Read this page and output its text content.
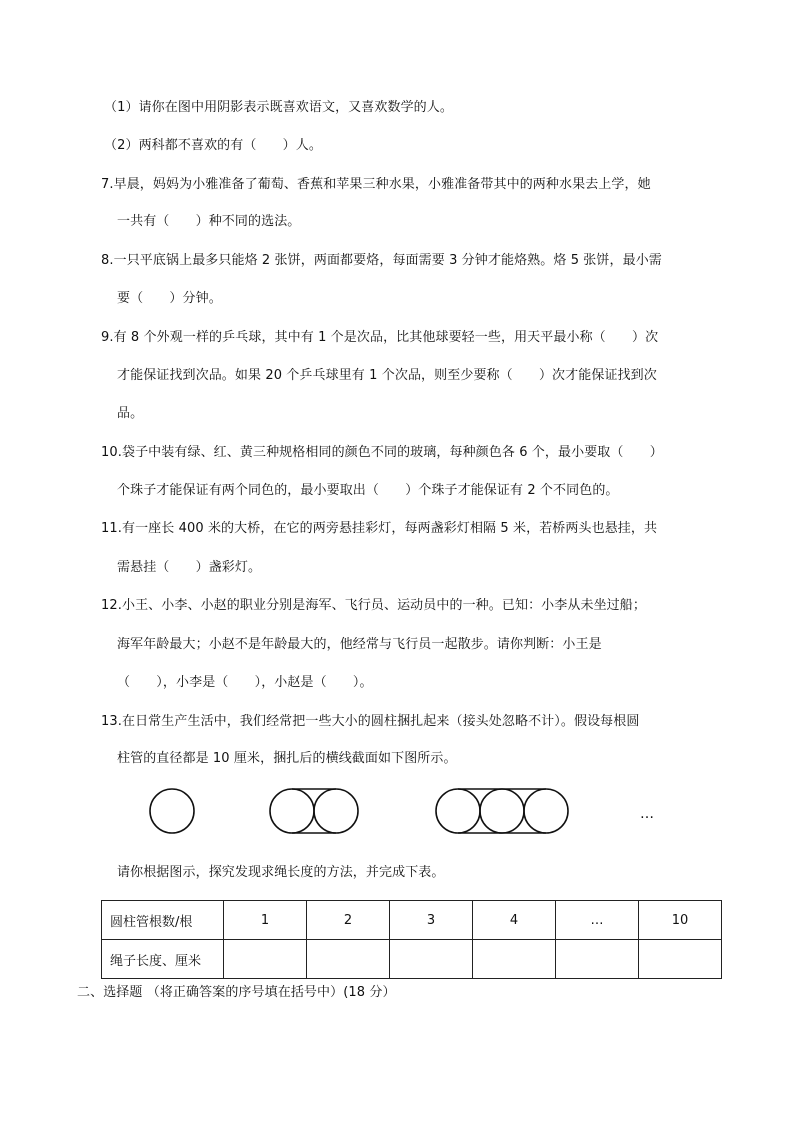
（1）请你在图中用阴影表示既喜欢语文，又喜欢数学的人。
（2）两科都不喜欢的有（　　）人。
7.早晨，妈妈为小雅准备了葡萄、香蕉和苹果三种水果，小雅准备带其中的两种水果去上学，她
一共有（　　）种不同的选法。
8.一只平底锅上最多只能烙 2 张饼，两面都要烙，每面需要 3 分钟才能烙熟。烙 5 张饼，最小需
要（　　）分钟。
9.有 8 个外观一样的乒乓球，其中有 1 个是次品，比其他球要轻一些，用天平最小称（　　）次
才能保证找到次品。如果 20 个乒乓球里有 1 个次品，则至少要称（　　）次才能保证找到次
品。
10.袋子中装有绿、红、黄三种规格相同的颜色不同的玻璃，每种颜色各 6 个，最小要取（　　）
个珠子才能保证有两个同色的，最小要取出（　　）个珠子才能保证有 2 个不同色的。
11.有一座长 400 米的大桥，在它的两旁悬挂彩灯，每两盏彩灯相隔 5 米，若桥两头也悬挂，共
需悬挂（　　）盏彩灯。
12.小王、小李、小赵的职业分别是海军、飞行员、运动员中的一种。已知：小李从未坐过船；
海军年龄最大；小赵不是年龄最大的，他经常与飞行员一起散步。请你判断：小王是
（　　），小李是（　　），小赵是（　　）。
13.在日常生产生活中，我们经常把一些大小的圆柱捆扎起来（接头处忽略不计）。假设每根圆
柱管的直径都是 10 厘米，捆扎后的横线截面如下图所示。
请你根据图示，探究发现求绳长度的方法，并完成下表。
二、选择题 （将正确答案的序号填在括号中）(18 分）
…
圆柱管根数/根	1	2	3	4	…	10
绳子长度、厘米						
